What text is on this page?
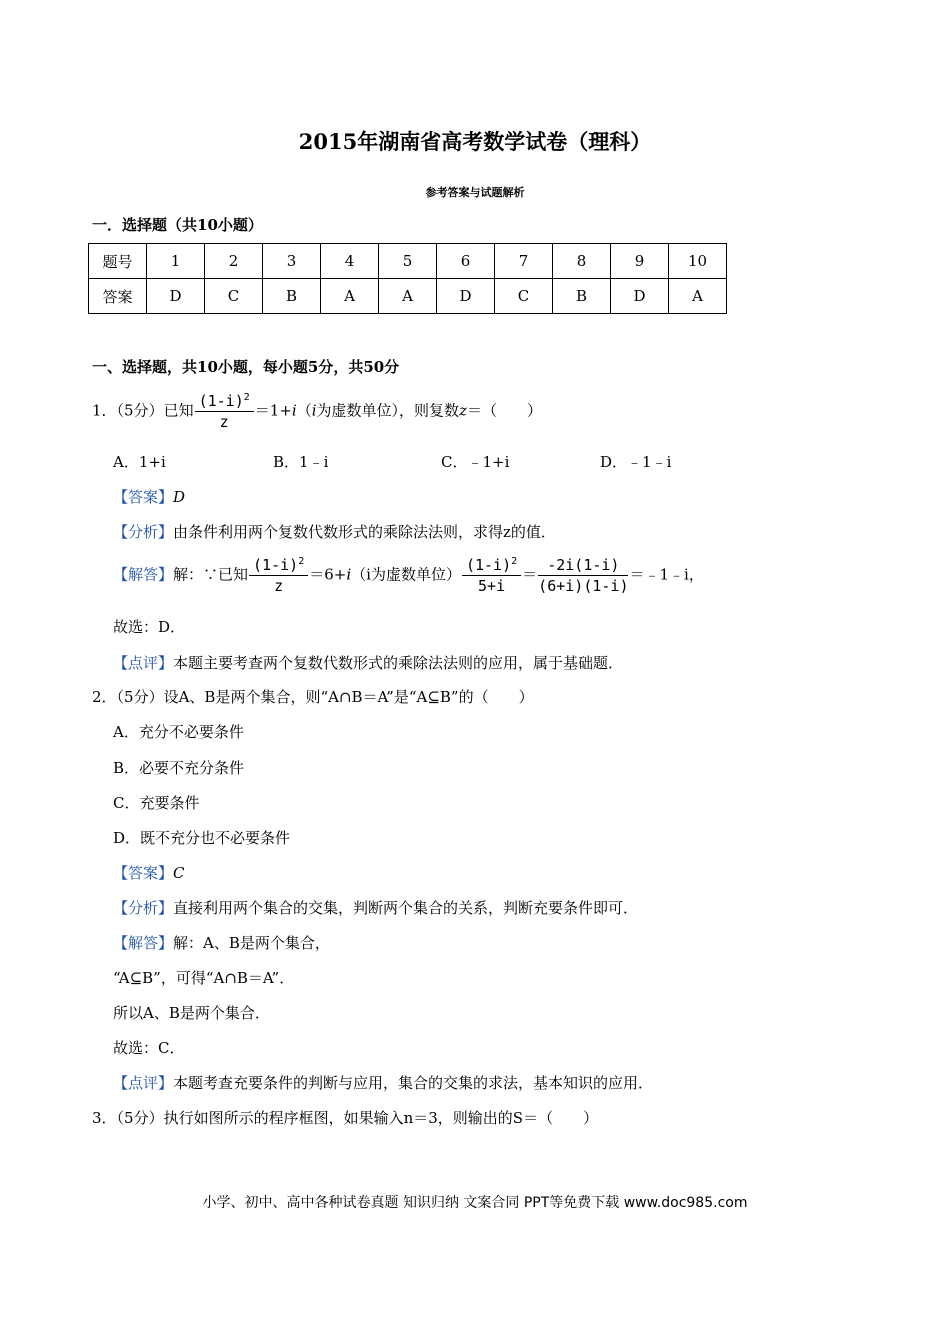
2015年湖南省高考数学试卷（理科）
参考答案与试题解析
一．选择题（共10小题）
题号	1	2	3	4	5	6	7	8	9	10
答案	D	C	B	A	A	D	C	B	D	A
一、选择题，共10小题，每小题5分，共50分
1．（5分）已知 $\frac{(1-i)^2}{z} =1+i(i$为虚数单位），则复数z＝（　　）
A．1+i	B．1﹣i	C．﹣1+i	D．﹣1﹣i
【答案】D
【分析】由条件利用两个复数代数形式的乘除法法则，求得z的值．
【解答】解：∵已知 $\frac{(1-i)^2}{z} =6+i(i$为虚数单位） $\frac{(1-i)^2}{5+i} = \frac{-2i(1-i)}{(6+i)(1-i)}$ ＝﹣1﹣i，
故选：D．
【点评】本题主要考查两个复数代数形式的乘除法法则的应用，属于基础题．
2．（5分）设A、B是两个集合，则“A∩B＝A”是“A⊆B”的（　　）
A．充分不必要条件
B．必要不充分条件
C．充要条件
D．既不充分也不必要条件
【答案】C
【分析】直接利用两个集合的交集，判断两个集合的关系，判断充要条件即可．
【解答】解：A、B是两个集合，
“A⊆B”，可得“A∩B＝A”．
所以A、B是两个集合．
故选：C．
【点评】本题考查充要条件的判断与应用，集合的交集的求法，基本知识的应用．
3．（5分）执行如图所示的程序框图，如果输入n＝3，则输出的S＝（　　）
小学、初中、高中各种试卷真题 知识归纳 文案合同 PPT等免费下载 www.doc985.com
